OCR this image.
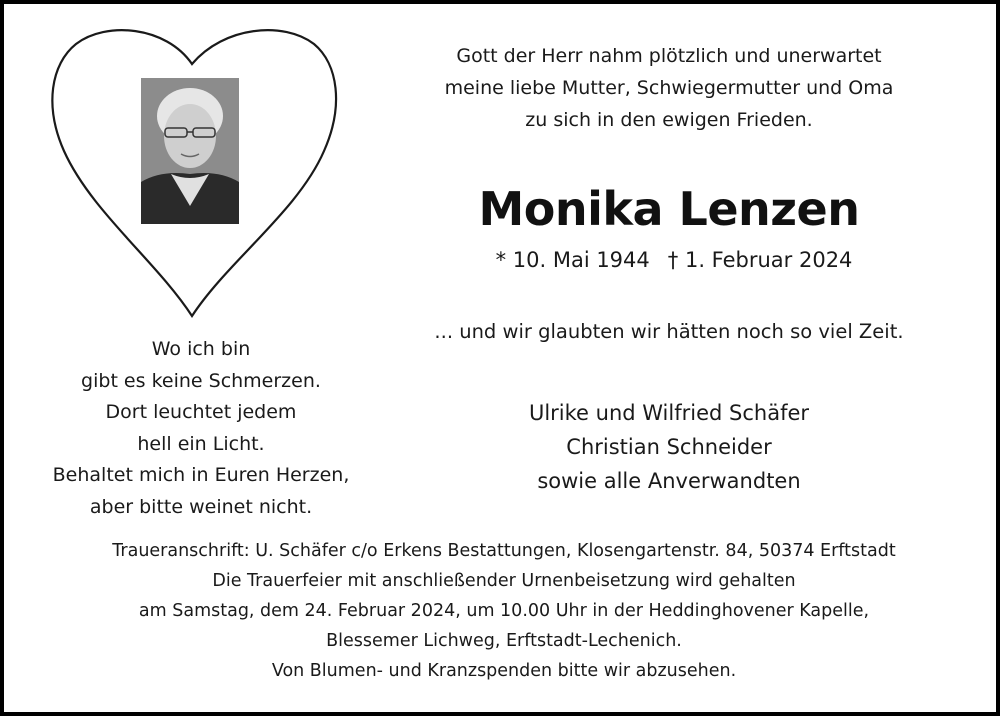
Gott der Herr nahm plötzlich und unerwartet
meine liebe Mutter, Schwiegermutter und Oma
zu sich in den ewigen Frieden.
Monika Lenzen
* 10. Mai 1944 † 1. Februar 2024
... und wir glaubten wir hätten noch so viel Zeit.
Ulrike und Wilfried Schäfer
Christian Schneider
sowie alle Anverwandten
Wo ich bin
gibt es keine Schmerzen.
Dort leuchtet jedem
hell ein Licht.
Behaltet mich in Euren Herzen,
aber bitte weinet nicht.
Traueranschrift: U. Schäfer c/o Erkens Bestattungen, Klosengartenstr. 84, 50374 Erftstadt
Die Trauerfeier mit anschließender Urnenbeisetzung wird gehalten
am Samstag, dem 24. Februar 2024, um 10.00 Uhr in der Heddinghovener Kapelle,
Blessemer Lichweg, Erftstadt-Lechenich.
Von Blumen- und Kranzspenden bitte wir abzusehen.
